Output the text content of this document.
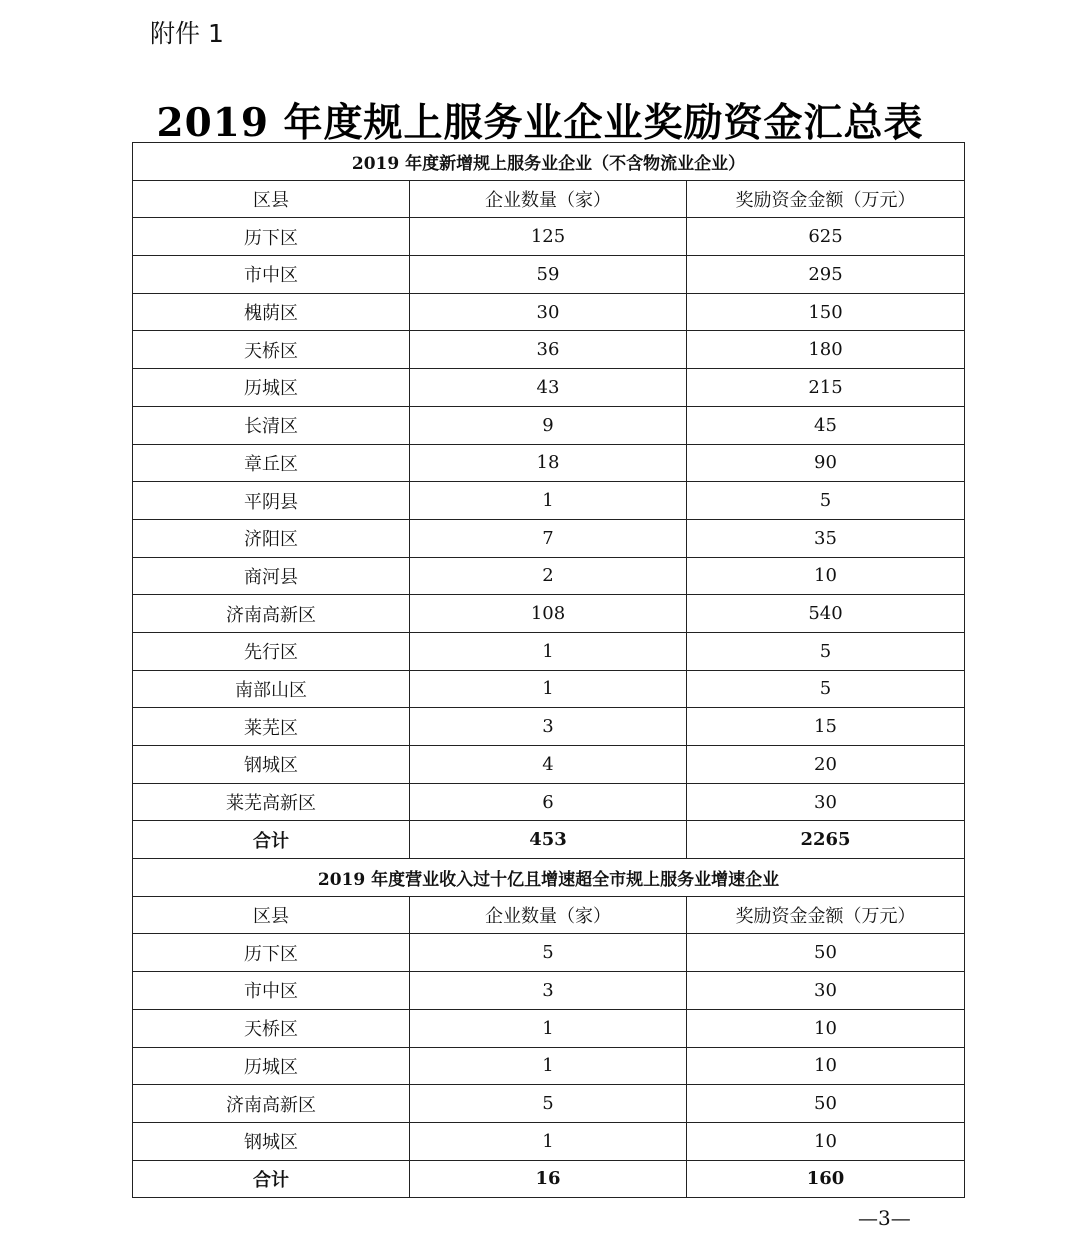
附件 1
2019 年度规上服务业企业奖励资金汇总表
2019 年度新增规上服务业企业（不含物流业企业）		
区县	企业数量（家）	奖励资金金额（万元）
历下区	125	625
市中区	59	295
槐荫区	30	150
天桥区	36	180
历城区	43	215
长清区	9	45
章丘区	18	90
平阴县	1	5
济阳区	7	35
商河县	2	10
济南高新区	108	540
先行区	1	5
南部山区	1	5
莱芜区	3	15
钢城区	4	20
莱芜高新区	6	30
合计	453	2265
2019 年度营业收入过十亿且增速超全市规上服务业增速企业		
区县	企业数量（家）	奖励资金金额（万元）
历下区	5	50
市中区	3	30
天桥区	1	10
历城区	1	10
济南高新区	5	50
钢城区	1	10
合计	16	160
—3—
